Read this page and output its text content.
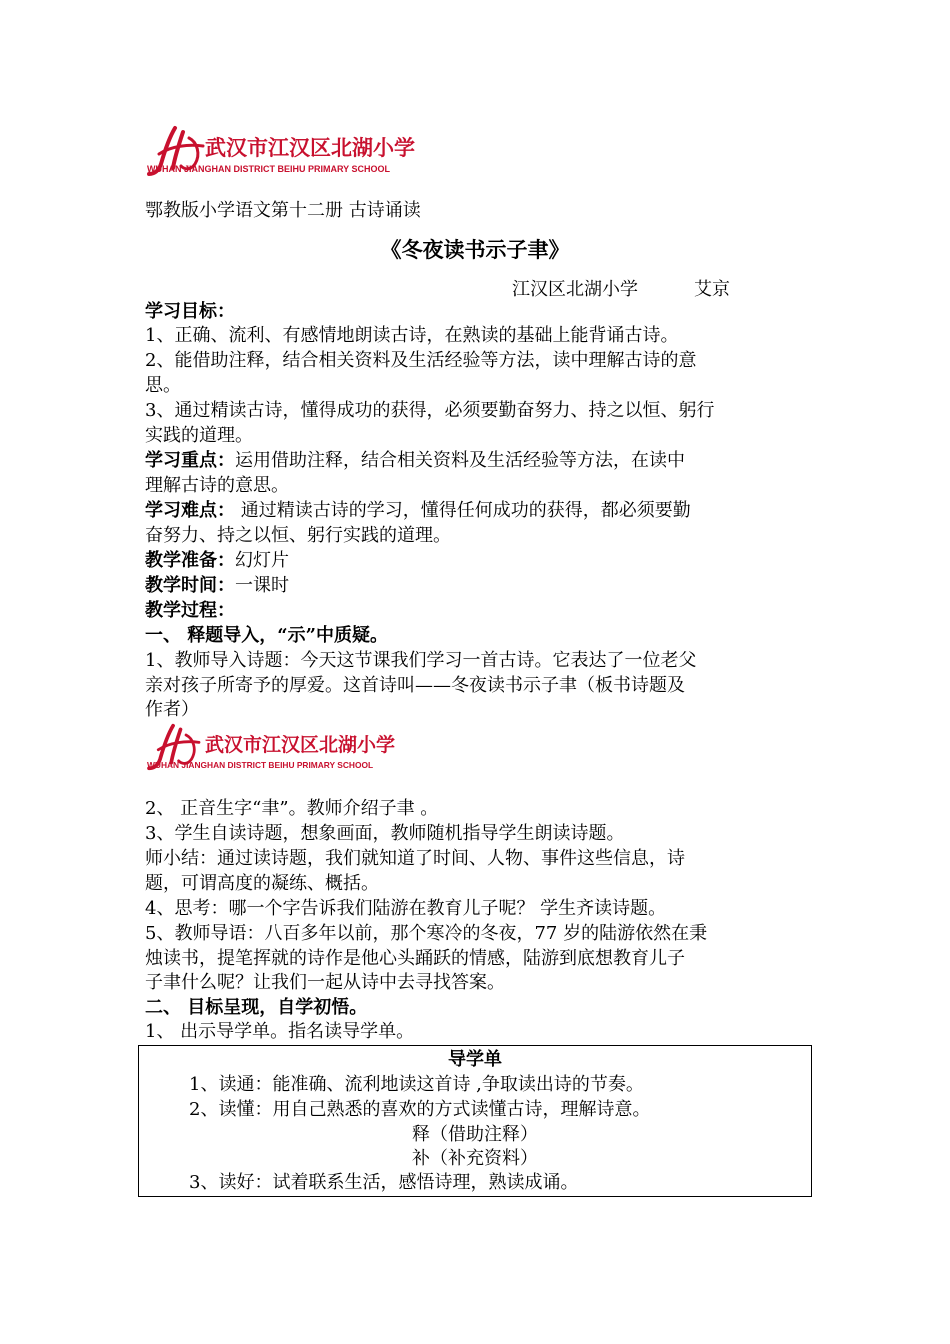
武汉市江汉区北湖小学
WUHAN JIANGHAN DISTRICT BEIHU PRIMARY SCHOOL
鄂教版小学语文第十二册 古诗诵读
《冬夜读书示子聿》
江汉区北湖小学	艾京
学习目标：
1、正确、流利、有感情地朗读古诗，在熟读的基础上能背诵古诗。
2、能借助注释，结合相关资料及生活经验等方法，读中理解古诗的意
思。
3、通过精读古诗，懂得成功的获得，必须要勤奋努力、持之以恒、躬行
实践的道理。
学习重点：运用借助注释，结合相关资料及生活经验等方法，在读中
理解古诗的意思。
学习难点： 通过精读古诗的学习，懂得任何成功的获得，都必须要勤
奋努力、持之以恒、躬行实践的道理。
教学准备：幻灯片
教学时间：一课时
教学过程：
一、 释题导入，“示”中质疑。
1、教师导入诗题：今天这节课我们学习一首古诗。它表达了一位老父
亲对孩子所寄予的厚爱。这首诗叫——冬夜读书示子聿（板书诗题及
作者）
武汉市江汉区北湖小学
WUHAN JIANGHAN DISTRICT BEIHU PRIMARY SCHOOL
2、 正音生字“聿”。教师介绍子聿 。
3、学生自读诗题，想象画面，教师随机指导学生朗读诗题。
师小结：通过读诗题，我们就知道了时间、人物、事件这些信息，诗
题，可谓高度的凝练、概括。
4、思考：哪一个字告诉我们陆游在教育儿子呢？ 学生齐读诗题。
5、教师导语：八百多年以前，那个寒冷的冬夜，77 岁的陆游依然在秉
烛读书，提笔挥就的诗作是他心头踊跃的情感，陆游到底想教育儿子
子聿什么呢？让我们一起从诗中去寻找答案。
二、 目标呈现，自学初悟。
1、 出示导学单。指名读导学单。
导学单
1、读通：能准确、流利地读这首诗 ,争取读出诗的节奏。
2、读懂：用自己熟悉的喜欢的方式读懂古诗，理解诗意。
释（借助注释）
补（补充资料）
3、读好：试着联系生活，感悟诗理，熟读成诵。
